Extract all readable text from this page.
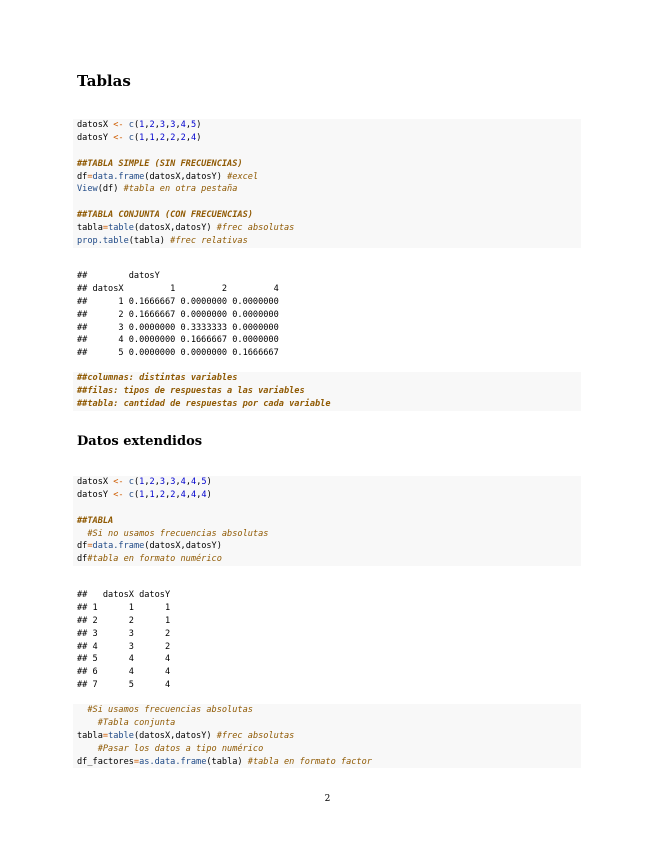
Tablas
datosX <- c(1,2,3,3,4,5)
datosY <- c(1,1,2,2,2,4)
##TABLA SIMPLE (SIN FRECUENCIAS)
df=data.frame(datosX,datosY) #excel
View(df) #tabla en otra pestaña
##TABLA CONJUNTA (CON FRECUENCIAS)
tabla=table(datosX,datosY) #frec absolutas
prop.table(tabla) #frec relativas
##        datosY
## datosX         1         2         4
##      1 0.1666667 0.0000000 0.0000000
##      2 0.1666667 0.0000000 0.0000000
##      3 0.0000000 0.3333333 0.0000000
##      4 0.0000000 0.1666667 0.0000000
##      5 0.0000000 0.0000000 0.1666667
##columnas: distintas variables
##filas: tipos de respuestas a las variables
##tabla: cantidad de respuestas por cada variable
Datos extendidos
datosX <- c(1,2,3,3,4,4,5)
datosY <- c(1,1,2,2,4,4,4)
##TABLA
#Si no usamos frecuencias absolutas
df=data.frame(datosX,datosY)
df#tabla en formato numérico
##   datosX datosY
## 1      1      1
## 2      2      1
## 3      3      2
## 4      3      2
## 5      4      4
## 6      4      4
## 7      5      4
#Si usamos frecuencias absolutas
#Tabla conjunta
tabla=table(datosX,datosY) #frec absolutas
#Pasar los datos a tipo numérico
df_factores=as.data.frame(tabla) #tabla en formato factor
2
